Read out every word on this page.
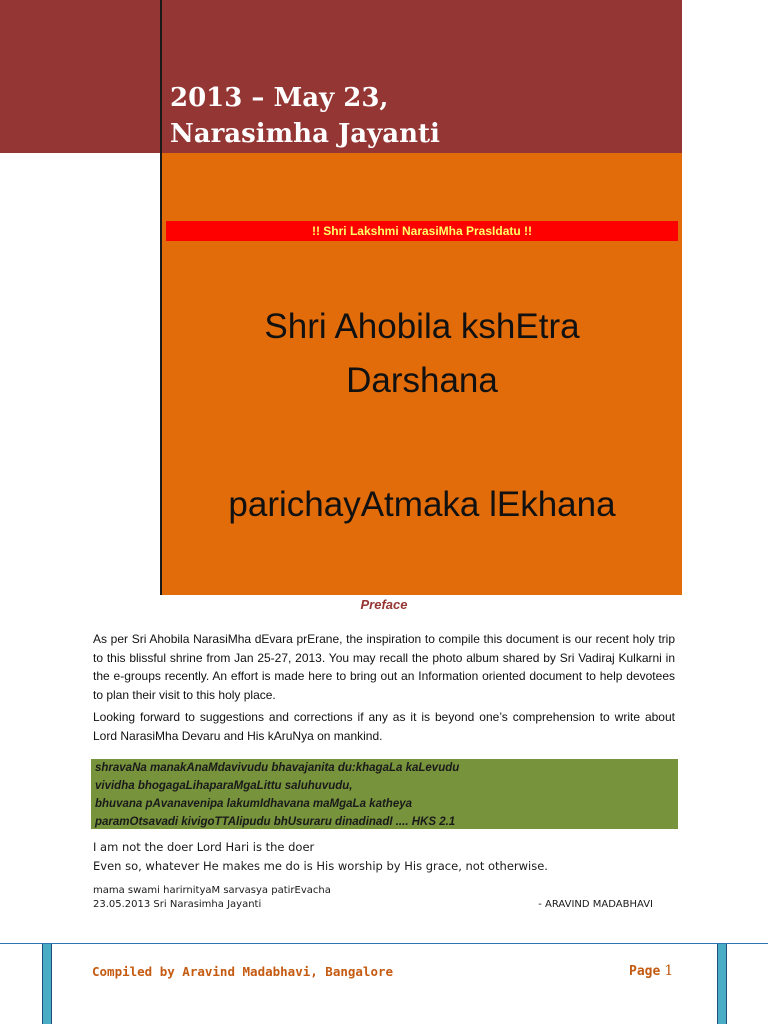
2013 – May 23,
Narasimha Jayanti
!! Shri Lakshmi NarasiMha PrasIdatu !!
Shri Ahobila kshEtra
Darshana
parichayAtmaka lEkhana
Preface

As per Sri Ahobila NarasiMha dEvara prErane, the inspiration to compile this document is our recent holy trip to this blissful shrine from Jan 25-27, 2013. You may recall the photo album shared by Sri Vadiraj Kulkarni in the e-groups recently. An effort is made here to bring out an Information oriented document to help devotees to plan their visit to this holy place.

Looking forward to suggestions and corrections if any as it is beyond one’s comprehension to write about Lord NarasiMha Devaru and His kAruNya on mankind.

shravaNa manakAnaMdavivudu bhavajanita du:khagaLa kaLevudu
vividha bhogagaLihaparaMgaLittu saluhuvudu,
bhuvana pAvanavenipa lakumIdhavana maMgaLa katheya
paramOtsavadi kivigoTTAlipudu bhUsuraru dinadinadI .... HKS 2.1
I am not the doer Lord Hari is the doer
Even so, whatever He makes me do is His worship by His grace, not otherwise.
mama swami harirnityaM sarvasya patirEvacha
23.05.2013 Sri Narasimha Jayanti	- ARAVIND MADABHAVI
Compiled by Aravind Madabhavi, Bangalore	Page 1
